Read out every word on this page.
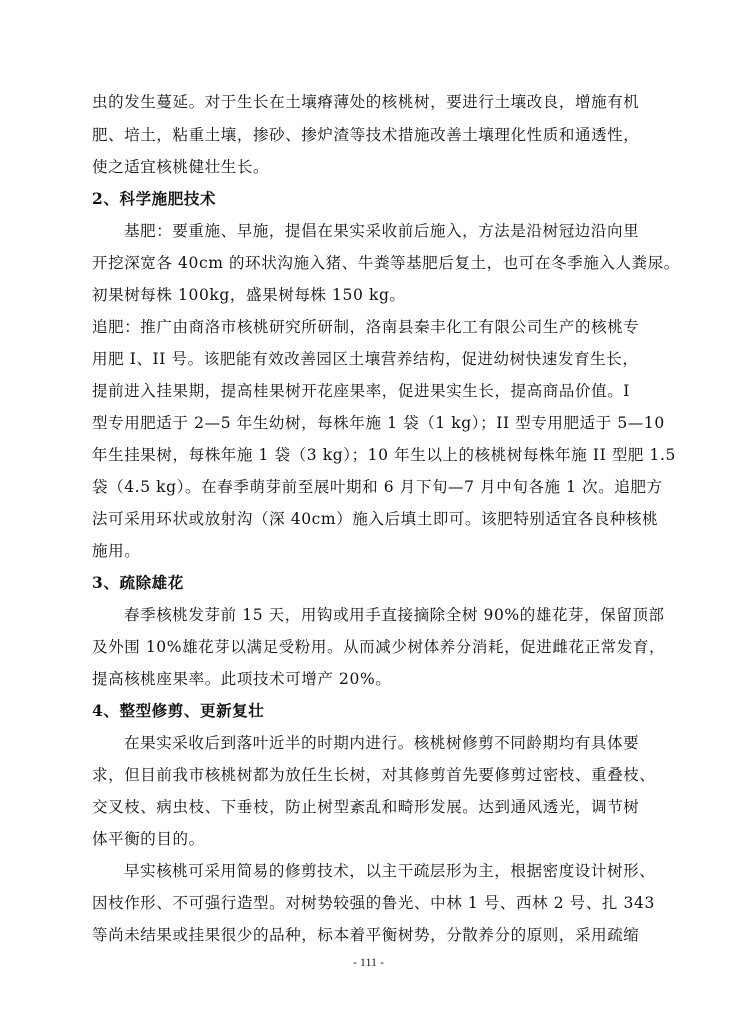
虫的发生蔓延。对于生长在土壤瘠薄处的核桃树，要进行土壤改良，增施有机
肥、培土，粘重土壤，掺砂、掺炉渣等技术措施改善土壤理化性质和通透性，
使之适宜核桃健壮生长。
2、科学施肥技术
基肥：要重施、早施，提倡在果实采收前后施入，方法是沿树冠边沿向里
开挖深宽各 40cm 的环状沟施入猪、牛粪等基肥后复土，也可在冬季施入人粪尿。
初果树每株 100kg，盛果树每株 150 kg。
追肥：推广由商洛市核桃研究所研制，洛南县秦丰化工有限公司生产的核桃专
用肥 I、II 号。该肥能有效改善园区土壤营养结构，促进幼树快速发育生长，
提前进入挂果期，提高桂果树开花座果率，促进果实生长，提高商品价值。I
型专用肥适于 2—5 年生幼树，每株年施 1 袋（1 kg）；II 型专用肥适于 5—10
年生挂果树，每株年施 1 袋（3 kg）；10 年生以上的核桃树每株年施 II 型肥 1.5
袋（4.5 kg）。在春季萌芽前至展叶期和 6 月下旬—7 月中旬各施 1 次。追肥方
法可采用环状或放射沟（深 40cm）施入后填土即可。该肥特别适宜各良种核桃
施用。
3、疏除雄花
春季核桃发芽前 15 天，用钩或用手直接摘除全树 90%的雄花芽，保留顶部
及外围 10%雄花芽以满足受粉用。从而减少树体养分消耗，促进雌花正常发育，
提高核桃座果率。此项技术可增产 20%。
4、整型修剪、更新复壮
在果实采收后到落叶近半的时期内进行。核桃树修剪不同龄期均有具体要
求，但目前我市核桃树都为放任生长树，对其修剪首先要修剪过密枝、重叠枝、
交叉枝、病虫枝、下垂枝，防止树型紊乱和畸形发展。达到通风透光，调节树
体平衡的目的。
早实核桃可采用简易的修剪技术，以主干疏层形为主，根据密度设计树形、
因枝作形、不可强行造型。对树势较强的鲁光、中林 1 号、西林 2 号、扎 343
等尚未结果或挂果很少的品种，标本着平衡树势，分散养分的原则，采用疏缩
- 111 -
